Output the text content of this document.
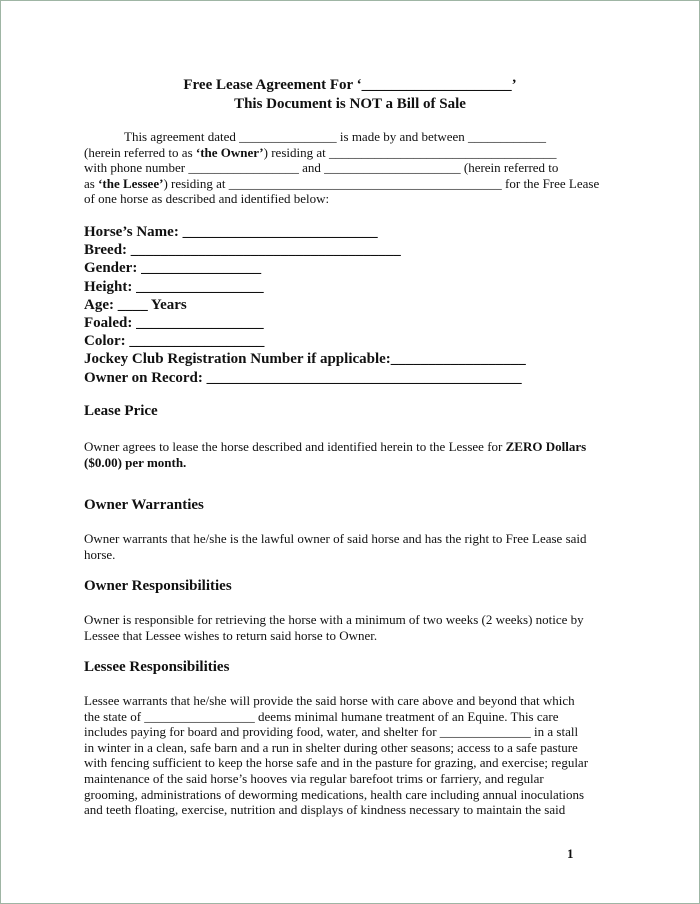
Free Lease Agreement For ‘____________________’
This Document is NOT a Bill of Sale
This agreement dated _______________ is made by and between ____________
(herein referred to as ‘the Owner’) residing at ___________________________________
with phone number _________________ and _____________________ (herein referred to
as ‘the Lessee’) residing at __________________________________________ for the Free Lease
of one horse as described and identified below:
Horse’s Name: __________________________
Breed: ____________________________________
Gender: ________________
Height: _________________
Age: ____ Years
Foaled: _________________
Color: __________________
Jockey Club Registration Number if applicable:__________________
Owner on Record: __________________________________________
Lease Price
Owner agrees to lease the horse described and identified herein to the Lessee for ZERO Dollars
($0.00) per month.
Owner Warranties
Owner warrants that he/she is the lawful owner of said horse and has the right to Free Lease said
horse.
Owner Responsibilities
Owner is responsible for retrieving the horse with a minimum of two weeks (2 weeks) notice by
Lessee that Lessee wishes to return said horse to Owner.
Lessee Responsibilities
Lessee warrants that he/she will provide the said horse with care above and beyond that which
the state of _________________ deems minimal humane treatment of an Equine. This care
includes paying for board and providing food, water, and shelter for ______________ in a stall
in winter in a clean, safe barn and a run in shelter during other seasons; access to a safe pasture
with fencing sufficient to keep the horse safe and in the pasture for grazing, and exercise; regular
maintenance of the said horse’s hooves via regular barefoot trims or farriery, and regular
grooming, administrations of deworming medications, health care including annual inoculations
and teeth floating, exercise, nutrition and displays of kindness necessary to maintain the said
1
